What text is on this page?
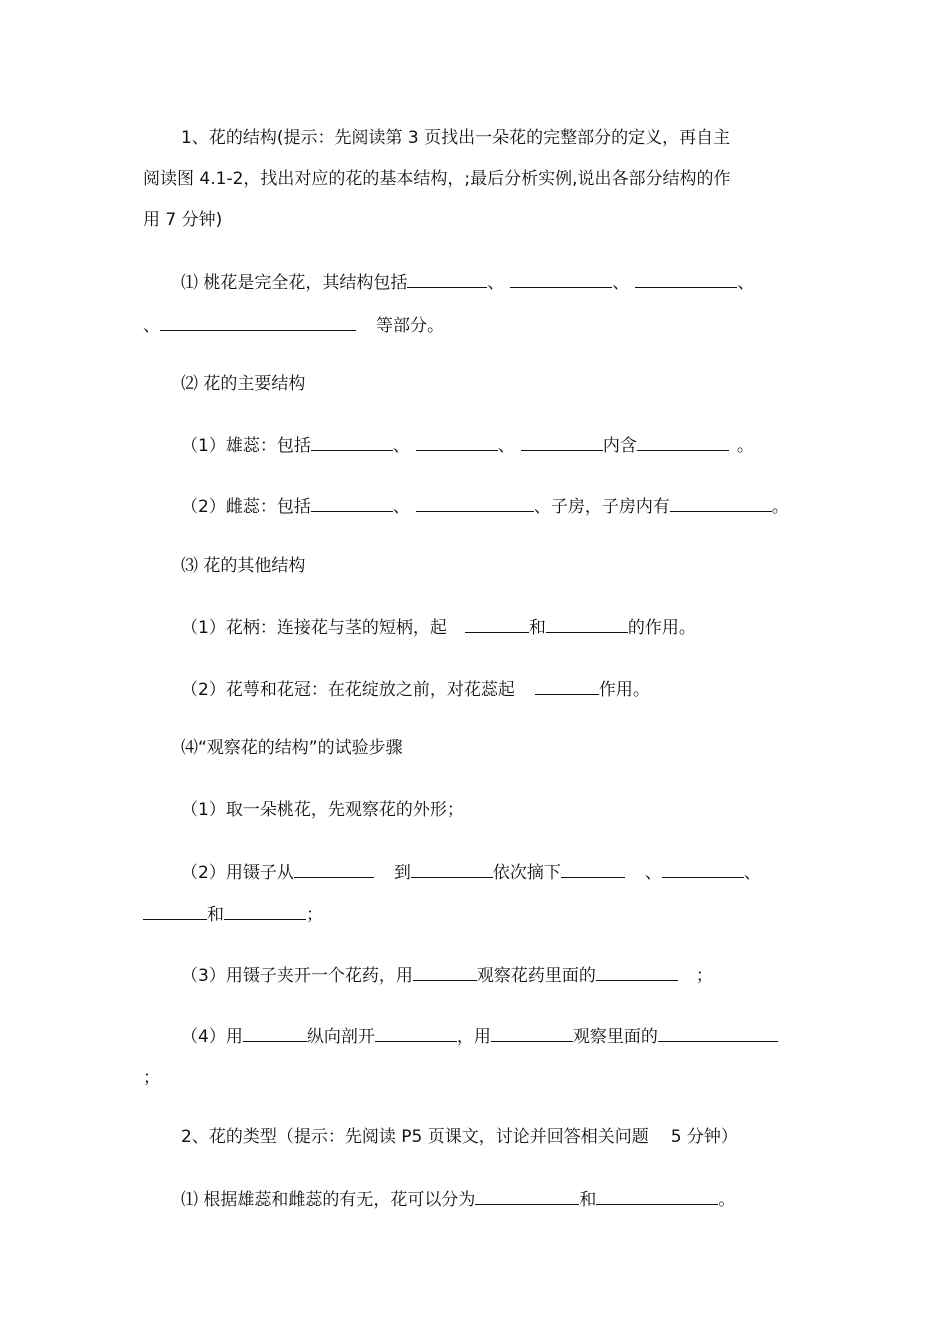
1、花的结构(提示：先阅读第 3 页找出一朵花的完整部分的定义，再自主
阅读图 4.1-2，找出对应的花的基本结构，;最后分析实例,说出各部分结构的作
用 7 分钟)
⑴ 桃花是完全花，其结构包括	、	、	、
、	等部分。
⑵ 花的主要结构
（1）雄蕊：包括	、	、	内含	。
（2）雌蕊：包括	、	、子房，子房内有	。
⑶ 花的其他结构
（1）花柄：连接花与茎的短柄，起	和	的作用。
（2）花萼和花冠：在花绽放之前，对花蕊起	作用。
⑷“观察花的结构”的试验步骤
（1）取一朵桃花，先观察花的外形；
（2）用镊子从	到	依次摘下	、	、
和	；
（3）用镊子夹开一个花药，用	观察花药里面的	；
（4）用	纵向剖开	，用	观察里面的
；
2、花的类型（提示：先阅读 P5 页课文，讨论并回答相关问题 5 分钟）
⑴ 根据雄蕊和雌蕊的有无，花可以分为	和	。
